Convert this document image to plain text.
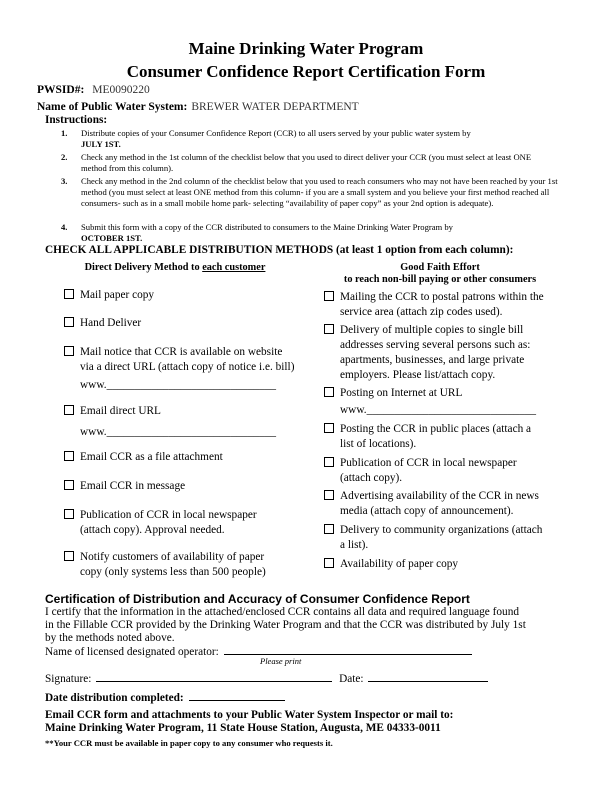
Maine Drinking Water Program
Consumer Confidence Report Certification Form
PWSID#: ME0090220
Name of Public Water System: BREWER WATER DEPARTMENT
Instructions:
1. Distribute copies of your Consumer Confidence Report (CCR) to all users served by your public water system by
JULY 1ST.
2. Check any method in the 1st column of the checklist below that you used to direct deliver your CCR (you must select at least ONE method from this column).
3. Check any method in the 2nd column of the checklist below that you used to reach consumers who may not have been reached by your 1st method (you must select at least ONE method from this column- if you are a small system and you believe your first method reached all consumers- such as in a small mobile home park- selecting “availability of paper copy” as your 2nd option is adequate).
4. Submit this form with a copy of the CCR distributed to consumers to the Maine Drinking Water Program by
OCTOBER 1ST.
CHECK ALL APPLICABLE DISTRIBUTION METHODS (at least 1 option from each column):
Direct Delivery Method to each customer	Good Faith Effort
to reach non-bill paying or other consumers
Mail paper copy
Hand Deliver
Mail notice that CCR is available on website
via a direct URL (attach copy of notice i.e. bill)
www.______________________________
Email direct URL
www.______________________________
Email CCR as a file attachment
Email CCR in message
Publication of CCR in local newspaper
(attach copy). Approval needed.
Notify customers of availability of paper
copy (only systems less than 500 people)
Mailing the CCR to postal patrons within the
service area (attach zip codes used).
Delivery of multiple copies to single bill
addresses serving several persons such as:
apartments, businesses, and large private
employers. Please list/attach copy.
Posting on Internet at URL
www.______________________________
Posting the CCR in public places (attach a
list of locations).
Publication of CCR in local newspaper
(attach copy).
Advertising availability of the CCR in news
media (attach copy of announcement).
Delivery to community organizations (attach
a list).
Availability of paper copy
Certification of Distribution and Accuracy of Consumer Confidence Report
I certify that the information in the attached/enclosed CCR contains all data and required language found
in the Fillable CCR provided by the Drinking Water Program and that the CCR was distributed by July 1st
by the methods noted above.
Name of licensed designated operator:
Please print
Signature:	Date:
Date distribution completed:
Email CCR form and attachments to your Public Water System Inspector or mail to:
Maine Drinking Water Program, 11 State House Station, Augusta, ME 04333-0011
**Your CCR must be available in paper copy to any consumer who requests it.
